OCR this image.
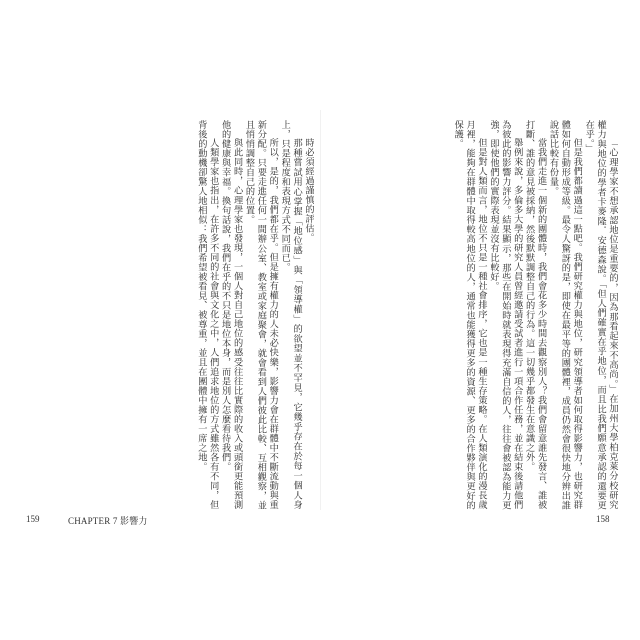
時必須經過謹慎的評估。

那種嘗試用心掌握「地位感」與「領導權」的欲望並不罕見，它幾乎存在於每一個人身上，只是程度和表現方式不同而已。

所以，是的，我們都在乎。但是擁有權力的人未必快樂，影響力會在群體中不斷流動與重新分配。只要走進任何一間辦公室、教室或家庭聚會，就會看到人們彼此比較、互相觀察，並且悄悄調整自己的位置。

與此同時，心理學家也發現，一個人對自己地位的感受往往比實際的收入或頭銜更能預測他的健康與幸福。換句話說，我們在乎的不只是地位本身，而是別人怎麼看待我們。

人類學家也指出，在許多不同的社會與文化之中，人們追求地位的方式雖然各有不同，但背後的動機卻驚人地相似：我們希望被看見、被尊重，並且在團體中擁有一席之地。	「心理學家不想承認地位是重要的，因為那看起來不高尚。」在加州大學柏克萊分校研究權力與地位的學者卡麥隆．安德森說。「但人們確實在乎地位，而且比我們願意承認的還要更在乎。」

但是我們都讀過這一點吧。我們研究權力與地位，研究領導者如何取得影響力，也研究群體如何自動形成等級。最令人驚訝的是，即使在最平等的團體裡，成員仍然會很快地分辨出誰說話比較有份量。

當我們走進一個新的團體時，我們會花多少時間去觀察別人？我們會留意誰先發言、誰被打斷、誰的意見被採納，然後默默調整自己的行為。這一切幾乎都發生在意識之外。

舉例來說，多倫多大學的研究人員曾經邀請受試者進行一項合作任務，並在結束後請他們為彼此的影響力評分。結果顯示，那些在開始時就表現得充滿自信的人，往往會被認為能力更強，即使他們的實際表現並沒有比較好。

但是對人類而言，地位不只是一種社會排序，它也是一種生存策略。在人類演化的漫長歲月裡，能夠在群體中取得較高地位的人，通常也能獲得更多的資源、更多的合作夥伴與更好的保護。

159	CHAPTER 7 影響力	158
